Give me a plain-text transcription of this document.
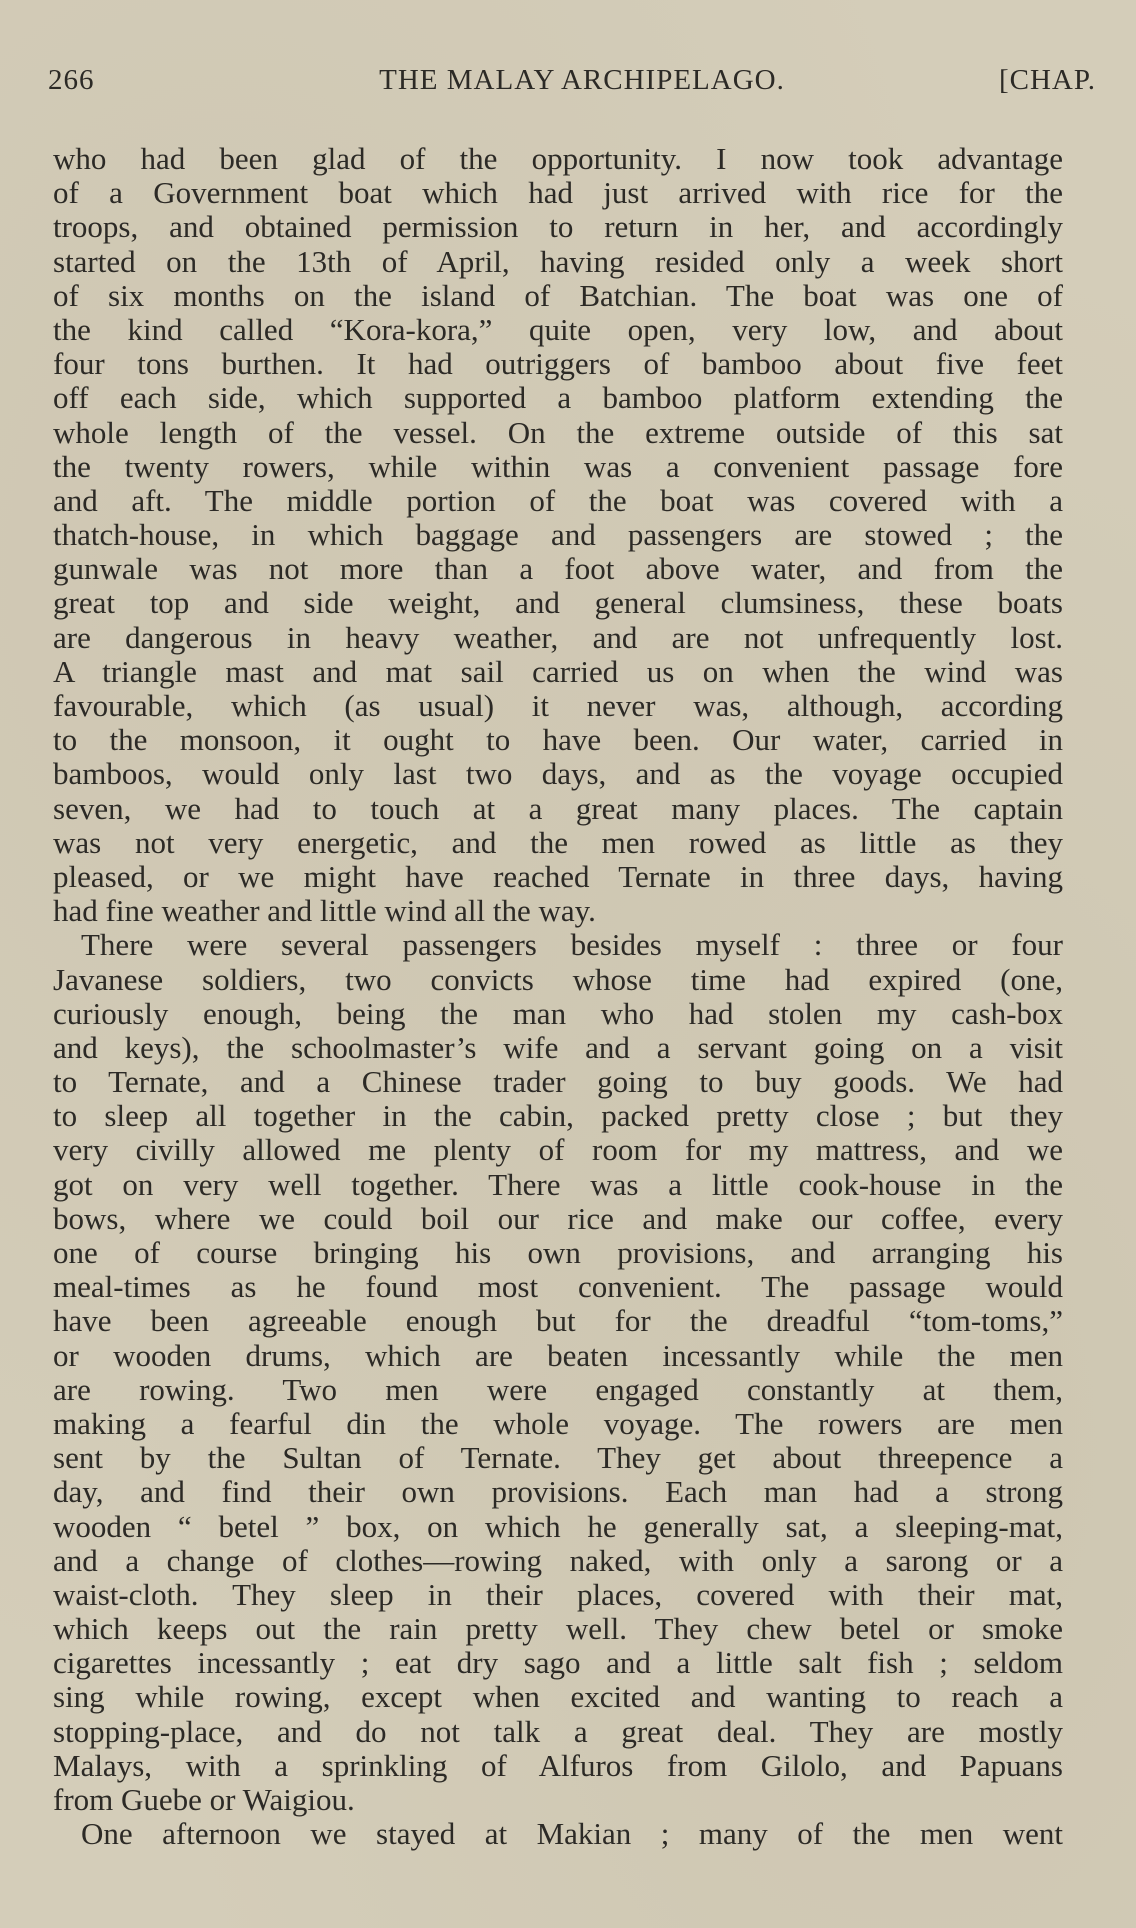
266	THE MALAY ARCHIPELAGO.	[CHAP.
who had been glad of the opportunity. I now took advantage
of a Government boat which had just arrived with rice for the
troops, and obtained permission to return in her, and accordingly
started on the 13th of April, having resided only a week short
of six months on the island of Batchian. The boat was one of
the kind called “Kora-kora,” quite open, very low, and about
four tons burthen. It had outriggers of bamboo about five feet
off each side, which supported a bamboo platform extending the
whole length of the vessel. On the extreme outside of this sat
the twenty rowers, while within was a convenient passage fore
and aft. The middle portion of the boat was covered with a
thatch-house, in which baggage and passengers are stowed ; the
gunwale was not more than a foot above water, and from the
great top and side weight, and general clumsiness, these boats
are dangerous in heavy weather, and are not unfrequently lost.
A triangle mast and mat sail carried us on when the wind was
favourable, which (as usual) it never was, although, according
to the monsoon, it ought to have been. Our water, carried in
bamboos, would only last two days, and as the voyage occupied
seven, we had to touch at a great many places. The captain
was not very energetic, and the men rowed as little as they
pleased, or we might have reached Ternate in three days, having
had fine weather and little wind all the way.
There were several passengers besides myself : three or four
Javanese soldiers, two convicts whose time had expired (one,
curiously enough, being the man who had stolen my cash-box
and keys), the schoolmaster’s wife and a servant going on a visit
to Ternate, and a Chinese trader going to buy goods. We had
to sleep all together in the cabin, packed pretty close ; but they
very civilly allowed me plenty of room for my mattress, and we
got on very well together. There was a little cook-house in the
bows, where we could boil our rice and make our coffee, every
one of course bringing his own provisions, and arranging his
meal-times as he found most convenient. The passage would
have been agreeable enough but for the dreadful “tom-toms,”
or wooden drums, which are beaten incessantly while the men
are rowing. Two men were engaged constantly at them,
making a fearful din the whole voyage. The rowers are men
sent by the Sultan of Ternate. They get about threepence a
day, and find their own provisions. Each man had a strong
wooden “ betel ” box, on which he generally sat, a sleeping-mat,
and a change of clothes—rowing naked, with only a sarong or a
waist-cloth. They sleep in their places, covered with their mat,
which keeps out the rain pretty well. They chew betel or smoke
cigarettes incessantly ; eat dry sago and a little salt fish ; seldom
sing while rowing, except when excited and wanting to reach a
stopping-place, and do not talk a great deal. They are mostly
Malays, with a sprinkling of Alfuros from Gilolo, and Papuans
from Guebe or Waigiou.
One afternoon we stayed at Makian ; many of the men went
